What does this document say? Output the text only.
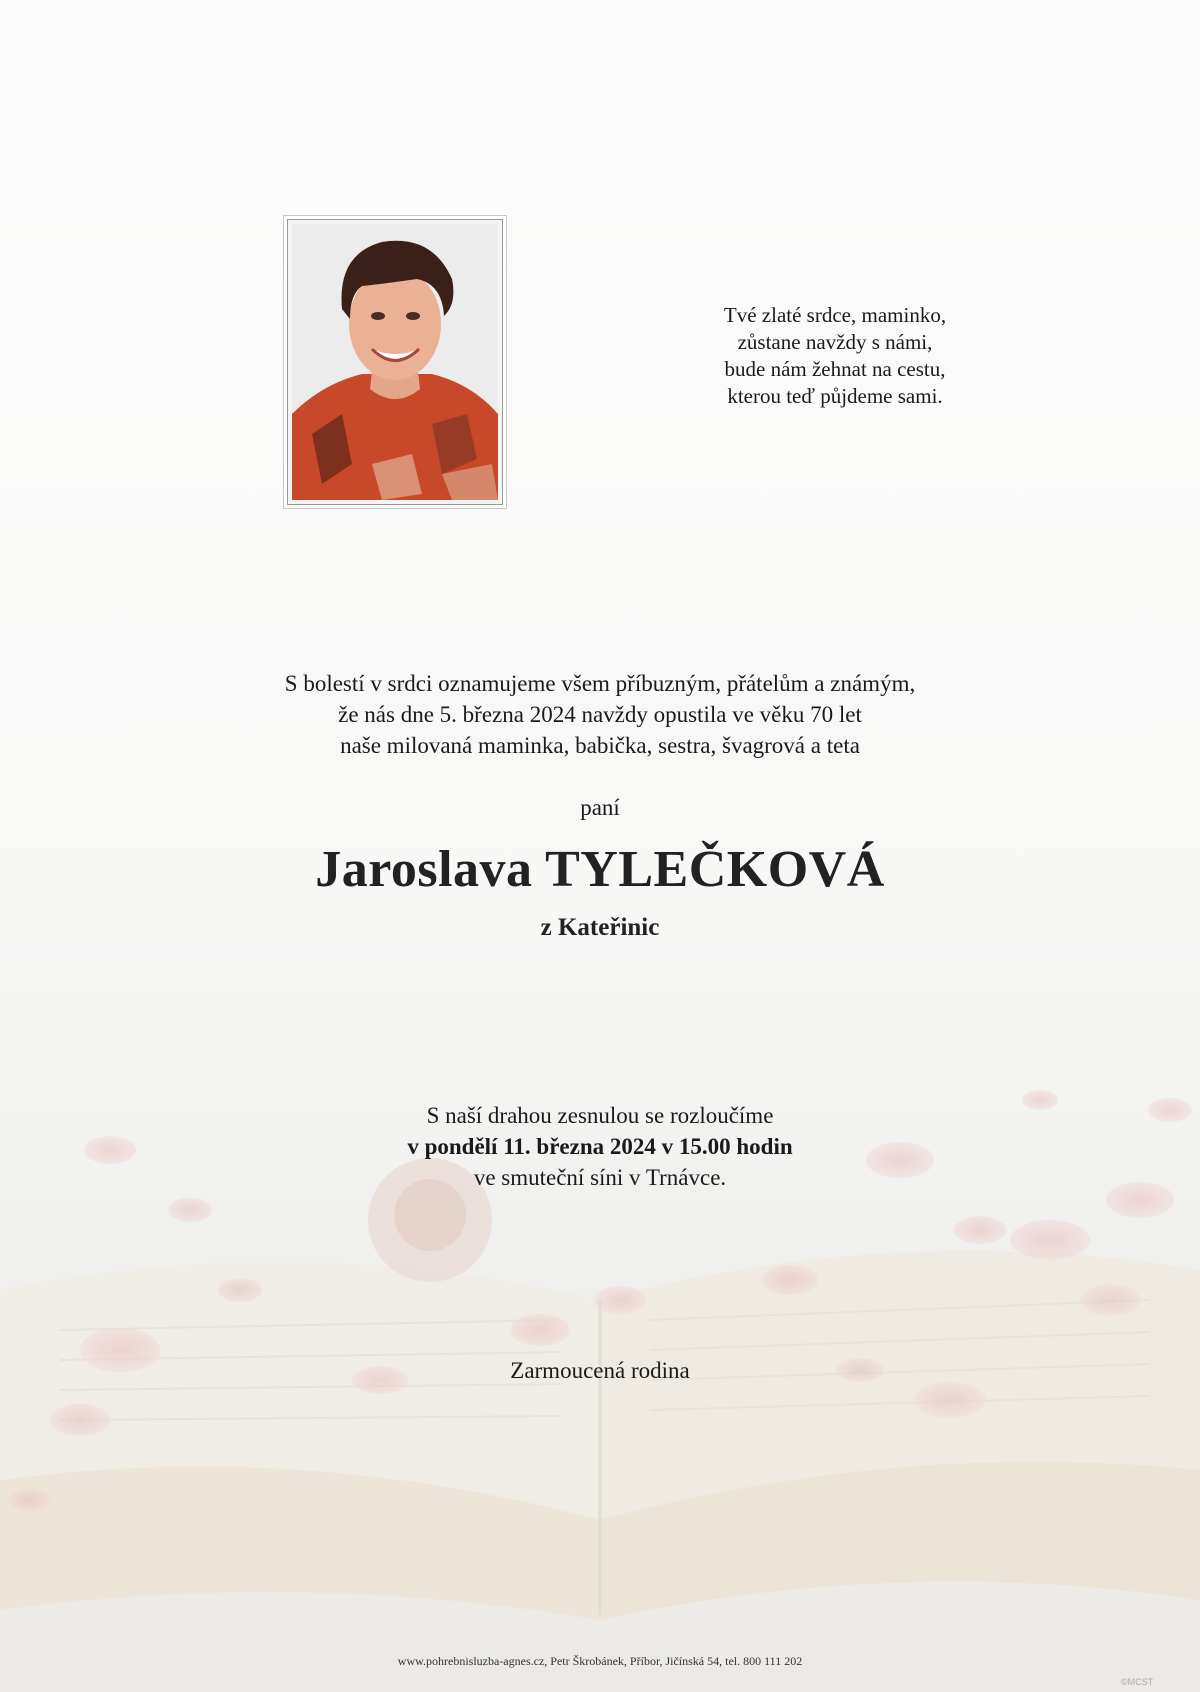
Tvé zlaté srdce, maminko,
zůstane navždy s námi,
bude nám žehnat na cestu,
kterou teď půjdeme sami.
S bolestí v srdci oznamujeme všem příbuzným, přátelům a známým,
že nás dne 5. března 2024 navždy opustila ve věku 70 let
naše milovaná maminka, babička, sestra, švagrová a teta
paní
Jaroslava TYLEČKOVÁ
z Kateřinic
S naší drahou zesnulou se rozloučíme
v pondělí 11. března 2024 v 15.00 hodin
ve smuteční síni v Trnávce.
Zarmoucená rodina
www.pohrebnisluzba-agnes.cz, Petr Škrobánek, Příbor, Jičínská 54, tel. 800 111 202
©MCST
